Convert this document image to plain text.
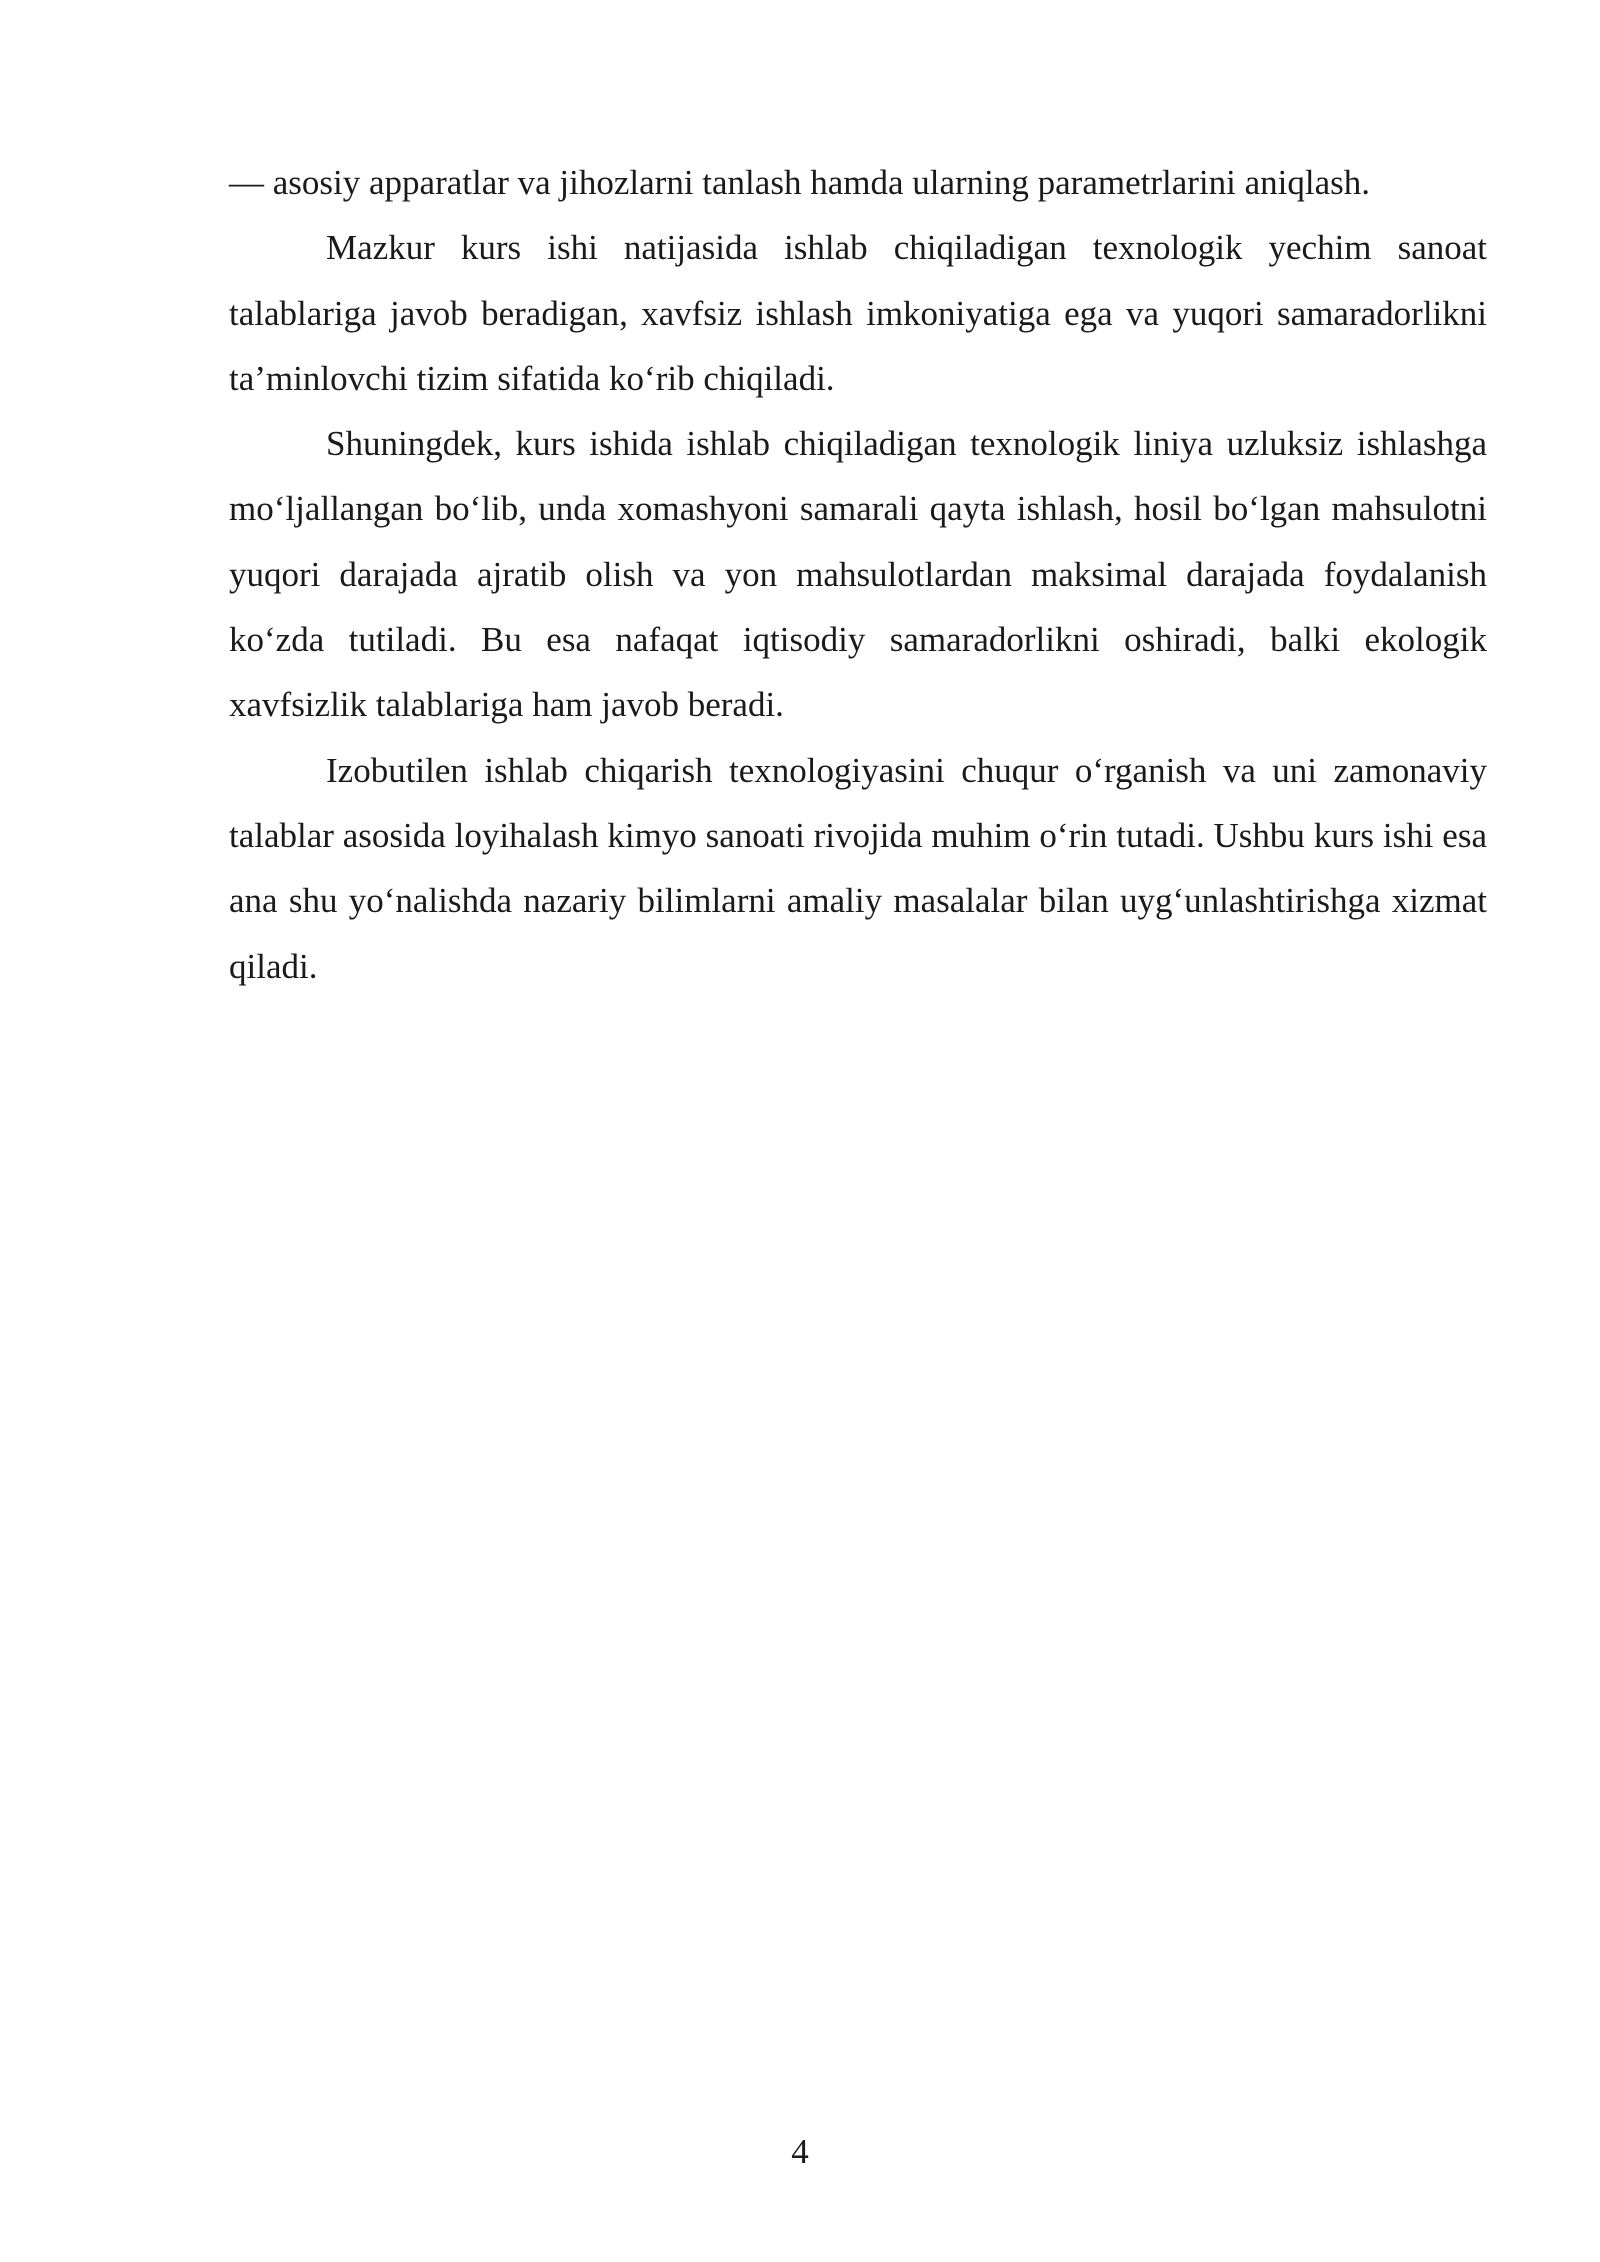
— asosiy apparatlar va jihozlarni tanlash hamda ularning parametrlarini aniqlash.

Mazkur kurs ishi natijasida ishlab chiqiladigan texnologik yechim sanoat talablariga javob beradigan, xavfsiz ishlash imkoniyatiga ega va yuqori samaradorlikni ta’minlovchi tizim sifatida koʻrib chiqiladi.

Shuningdek, kurs ishida ishlab chiqiladigan texnologik liniya uzluksiz ishlashga moʻljallangan boʻlib, unda xomashyoni samarali qayta ishlash, hosil boʻlgan mahsulotni yuqori darajada ajratib olish va yon mahsulotlardan maksimal darajada foydalanish koʻzda tutiladi. Bu esa nafaqat iqtisodiy samaradorlikni oshiradi, balki ekologik xavfsizlik talablariga ham javob beradi.

Izobutilen ishlab chiqarish texnologiyasini chuqur oʻrganish va uni zamonaviy talablar asosida loyihalash kimyo sanoati rivojida muhim oʻrin tutadi. Ushbu kurs ishi esa ana shu yoʻnalishda nazariy bilimlarni amaliy masalalar bilan uygʻunlashtirishga xizmat qiladi.

4
